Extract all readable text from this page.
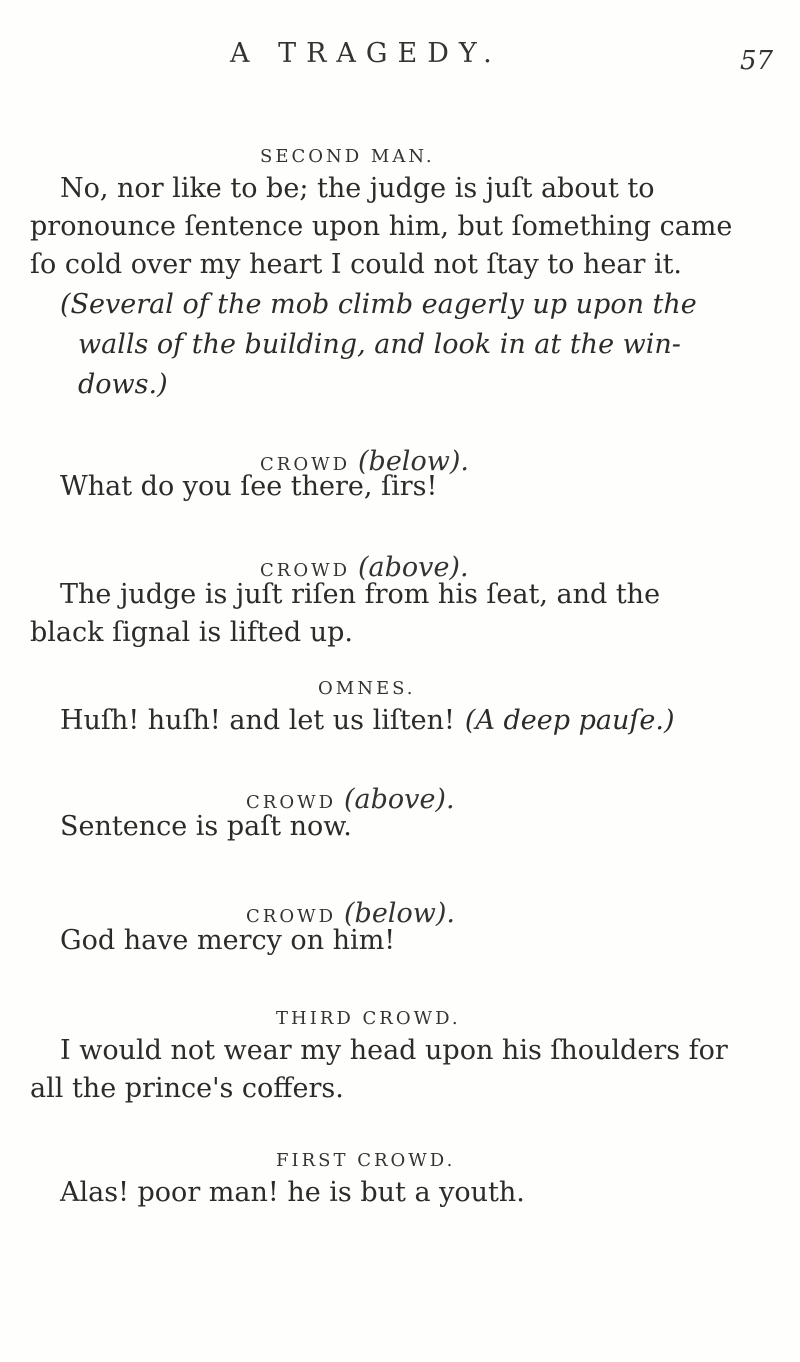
A TRAGEDY.	57
SECOND MAN.
No, nor like to be; the judge is juſt about to
pronounce ſentence upon him, but ſomething came
ſo cold over my heart I could not ſtay to hear it.
(Several of the mob climb eagerly up upon the
walls of the building, and look in at the win-
dows.)
CROWD (below).
What do you ſee there, ſirs!
CROWD (above).
The judge is juſt riſen from his ſeat, and the
black ſignal is lifted up.
OMNES.
Huſh! huſh! and let us liſten! (A deep pauſe.)
CROWD (above).
Sentence is paſt now.
CROWD (below).
God have mercy on him!
THIRD CROWD.
I would not wear my head upon his ſhoulders for
all the prince's coffers.
FIRST CROWD.
Alas! poor man! he is but a youth.
